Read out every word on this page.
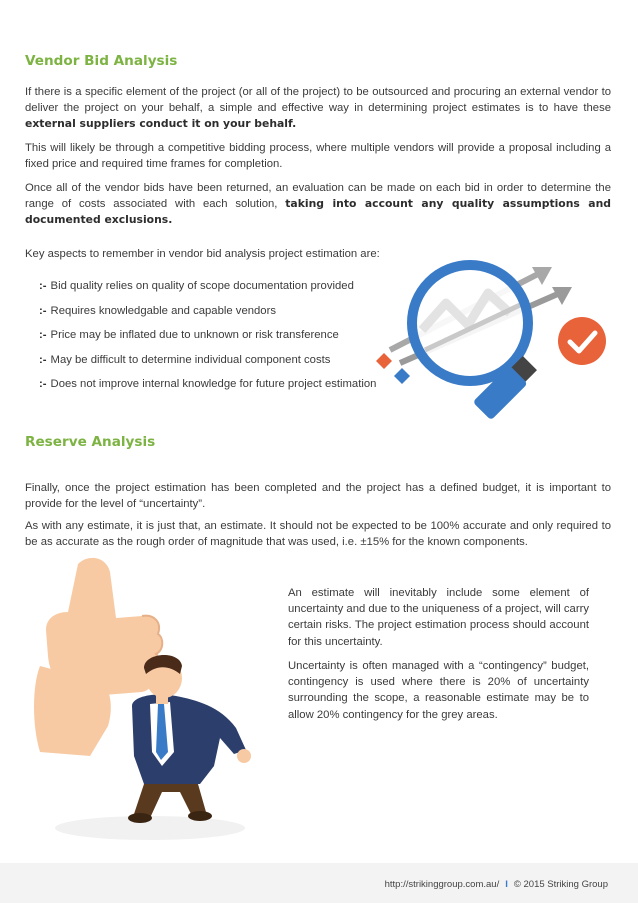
Vendor Bid Analysis

If there is a specific element of the project (or all of the project) to be outsourced and procuring an external vendor to deliver the project on your behalf, a simple and effective way in determining project estimates is to have these external suppliers conduct it on your behalf.

This will likely be through a competitive bidding process, where multiple vendors will provide a proposal including a fixed price and required time frames for completion.

Once all of the vendor bids have been returned, an evaluation can be made on each bid in order to determine the range of costs associated with each solution, taking into account any quality assumptions and documented exclusions.

Key aspects to remember in vendor bid analysis project estimation are:

:- Bid quality relies on quality of scope documentation provided
:- Requires knowledgable and capable vendors
:- Price may be inflated due to unknown or risk transference
:- May be difficult to determine individual component costs
:- Does not improve internal knowledge for future project estimation
Reserve Analysis

Finally, once the project estimation has been completed and the project has a defined budget, it is important to provide for the level of “uncertainty”.

As with any estimate, it is just that, an estimate. It should not be expected to be 100% accurate and only required to be as accurate as the rough order of magnitude that was used, i.e. ±15% for the known components.

An estimate will inevitably include some element of uncertainty and due to the uniqueness of a project, will carry certain risks. The project estimation process should account for this uncertainty.

Uncertainty is often managed with a “contingency” budget, contingency is used where there is 20% of uncertainty surrounding the scope, a reasonable estimate may be to allow 20% contingency for the grey areas.

http://strikinggroup.com.au/ I © 2015 Striking Group
